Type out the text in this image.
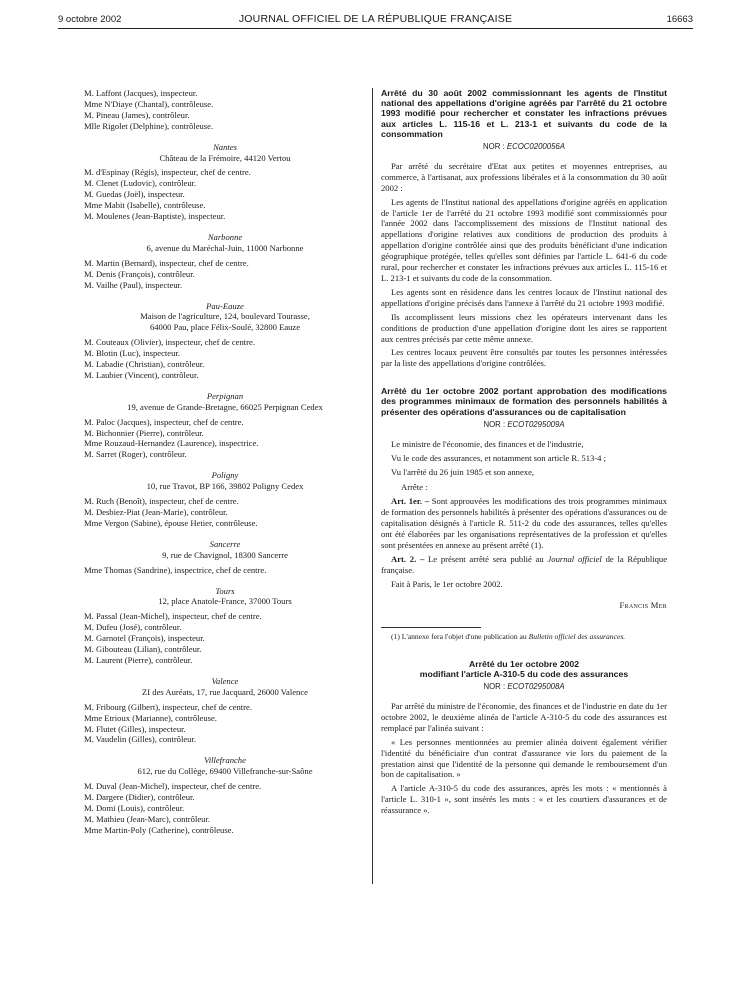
9 octobre 2002	JOURNAL OFFICIEL DE LA RÉPUBLIQUE FRANÇAISE	16663
M. Laffont (Jacques), inspecteur.
Mme N'Diaye (Chantal), contrôleuse.
M. Pineau (James), contrôleur.
Mlle Rigolet (Delphine), contrôleuse.
Nantes
Château de la Frémoire, 44120 Vertou
M. d'Espinay (Régis), inspecteur, chef de centre.
M. Clenet (Ludovic), contrôleur.
M. Guedas (Joël), inspecteur.
Mme Mabit (Isabelle), contrôleuse.
M. Moulenes (Jean-Baptiste), inspecteur.
Narbonne
6, avenue du Maréchal-Juin, 11000 Narbonne
M. Martin (Bernard), inspecteur, chef de centre.
M. Denis (François), contrôleur.
M. Vailhe (Paul), inspecteur.
Pau-Eauze
Maison de l'agriculture, 124, boulevard Tourasse,
64000 Pau, place Félix-Soulé, 32800 Eauze
M. Couteaux (Olivier), inspecteur, chef de centre.
M. Blotin (Luc), inspecteur.
M. Labadie (Christian), contrôleur.
M. Laubier (Vincent), contrôleur.
Perpignan
19, avenue de Grande-Bretagne, 66025 Perpignan Cedex
M. Paloc (Jacques), inspecteur, chef de centre.
M. Bichonnier (Pierre), contrôleur.
Mme Rouzaud-Hernandez (Laurence), inspectrice.
M. Sarret (Roger), contrôleur.
Poligny
10, rue Travot, BP 166, 39802 Poligny Cedex
M. Ruch (Benoît), inspecteur, chef de centre.
M. Desbiez-Piat (Jean-Marie), contrôleur.
Mme Vergon (Sabine), épouse Hetier, contrôleuse.
Sancerre
9, rue de Chavignol, 18300 Sancerre
Mme Thomas (Sandrine), inspectrice, chef de centre.
Tours
12, place Anatole-France, 37000 Tours
M. Passal (Jean-Michel), inspecteur, chef de centre.
M. Dufeu (José), contrôleur.
M. Garnotel (François), inspecteur.
M. Gibouteau (Lilian), contrôleur.
M. Laurent (Pierre), contrôleur.
Valence
ZI des Auréats, 17, rue Jacquard, 26000 Valence
M. Fribourg (Gilbert), inspecteur, chef de centre.
Mme Etrioux (Marianne), contrôleuse.
M. Flutet (Gilles), inspecteur.
M. Vaudelin (Gilles), contrôleur.
Villefranche
612, rue du Collège, 69400 Villefranche-sur-Saône
M. Duval (Jean-Michel), inspecteur, chef de centre.
M. Dargere (Didier), contrôleur.
M. Domi (Louis), contrôleur.
M. Mathieu (Jean-Marc), contrôleur.
Mme Martin-Poly (Catherine), contrôleuse.
Arrêté du 30 août 2002 commissionnant les agents de l'Institut national des appellations d'origine agréés par l'arrêté du 21 octobre 1993 modifié pour rechercher et constater les infractions prévues aux articles L. 115-16 et L. 213-1 et suivants du code de la consommation
NOR : ECOC0200056A

Par arrêté du secrétaire d'Etat aux petites et moyennes entreprises, au commerce, à l'artisanat, aux professions libérales et à la consommation du 30 août 2002 :

Les agents de l'Institut national des appellations d'origine agréés en application de l'article 1er de l'arrêté du 21 octobre 1993 modifié sont commissionnés pour l'année 2002 dans l'accomplissement des missions de l'Institut national des appellations d'origine relatives aux conditions de production des produits à appellation d'origine contrôlée ainsi que des produits bénéficiant d'une indication géographique protégée, telles qu'elles sont définies par l'article L. 641-6 du code rural, pour rechercher et constater les infractions prévues aux articles L. 115-16 et L. 213-1 et suivants du code de la consommation.

Les agents sont en résidence dans les centres locaux de l'Institut national des appellations d'origine précisés dans l'annexe à l'arrêté du 21 octobre 1993 modifié.

Ils accomplissent leurs missions chez les opérateurs intervenant dans les conditions de production d'une appellation d'origine dont les aires se rapportent aux centres précisés par cette même annexe.

Les centres locaux peuvent être consultés par toutes les personnes intéressées par la liste des appellations d'origine contrôlées.

Arrêté du 1er octobre 2002 portant approbation des modifications des programmes minimaux de formation des personnels habilités à présenter des opérations d'assurances ou de capitalisation
NOR : ECOT0295009A

Le ministre de l'économie, des finances et de l'industrie,

Vu le code des assurances, et notamment son article R. 513-4 ;

Vu l'arrêté du 26 juin 1985 et son annexe,

Arrête :

Art. 1er. – Sont approuvées les modifications des trois programmes minimaux de formation des personnels habilités à présenter des opérations d'assurances ou de capitalisation désignés à l'article R. 511-2 du code des assurances, telles qu'elles ont été élaborées par les organisations représentatives de la profession et qu'elles sont présentées en annexe au présent arrêté (1).

Art. 2. – Le présent arrêté sera publié au Journal officiel de la République française.

Fait à Paris, le 1er octobre 2002.

Francis Mer

(1) L'annexe fera l'objet d'une publication au Bulletin officiel des assurances.
Arrêté du 1er octobre 2002
modifiant l'article A-310-5 du code des assurances
NOR : ECOT0295008A

Par arrêté du ministre de l'économie, des finances et de l'industrie en date du 1er octobre 2002, le deuxième alinéa de l'article A-310-5 du code des assurances est remplacé par l'alinéa suivant :

« Les personnes mentionnées au premier alinéa doivent également vérifier l'identité du bénéficiaire d'un contrat d'assurance vie lors du paiement de la prestation ainsi que l'identité de la personne qui demande le remboursement d'un bon de capitalisation. »

A l'article A-310-5 du code des assurances, après les mots : « mentionnés à l'article L. 310-1 », sont insérés les mots : « et les courtiers d'assurances et de réassurance ».
